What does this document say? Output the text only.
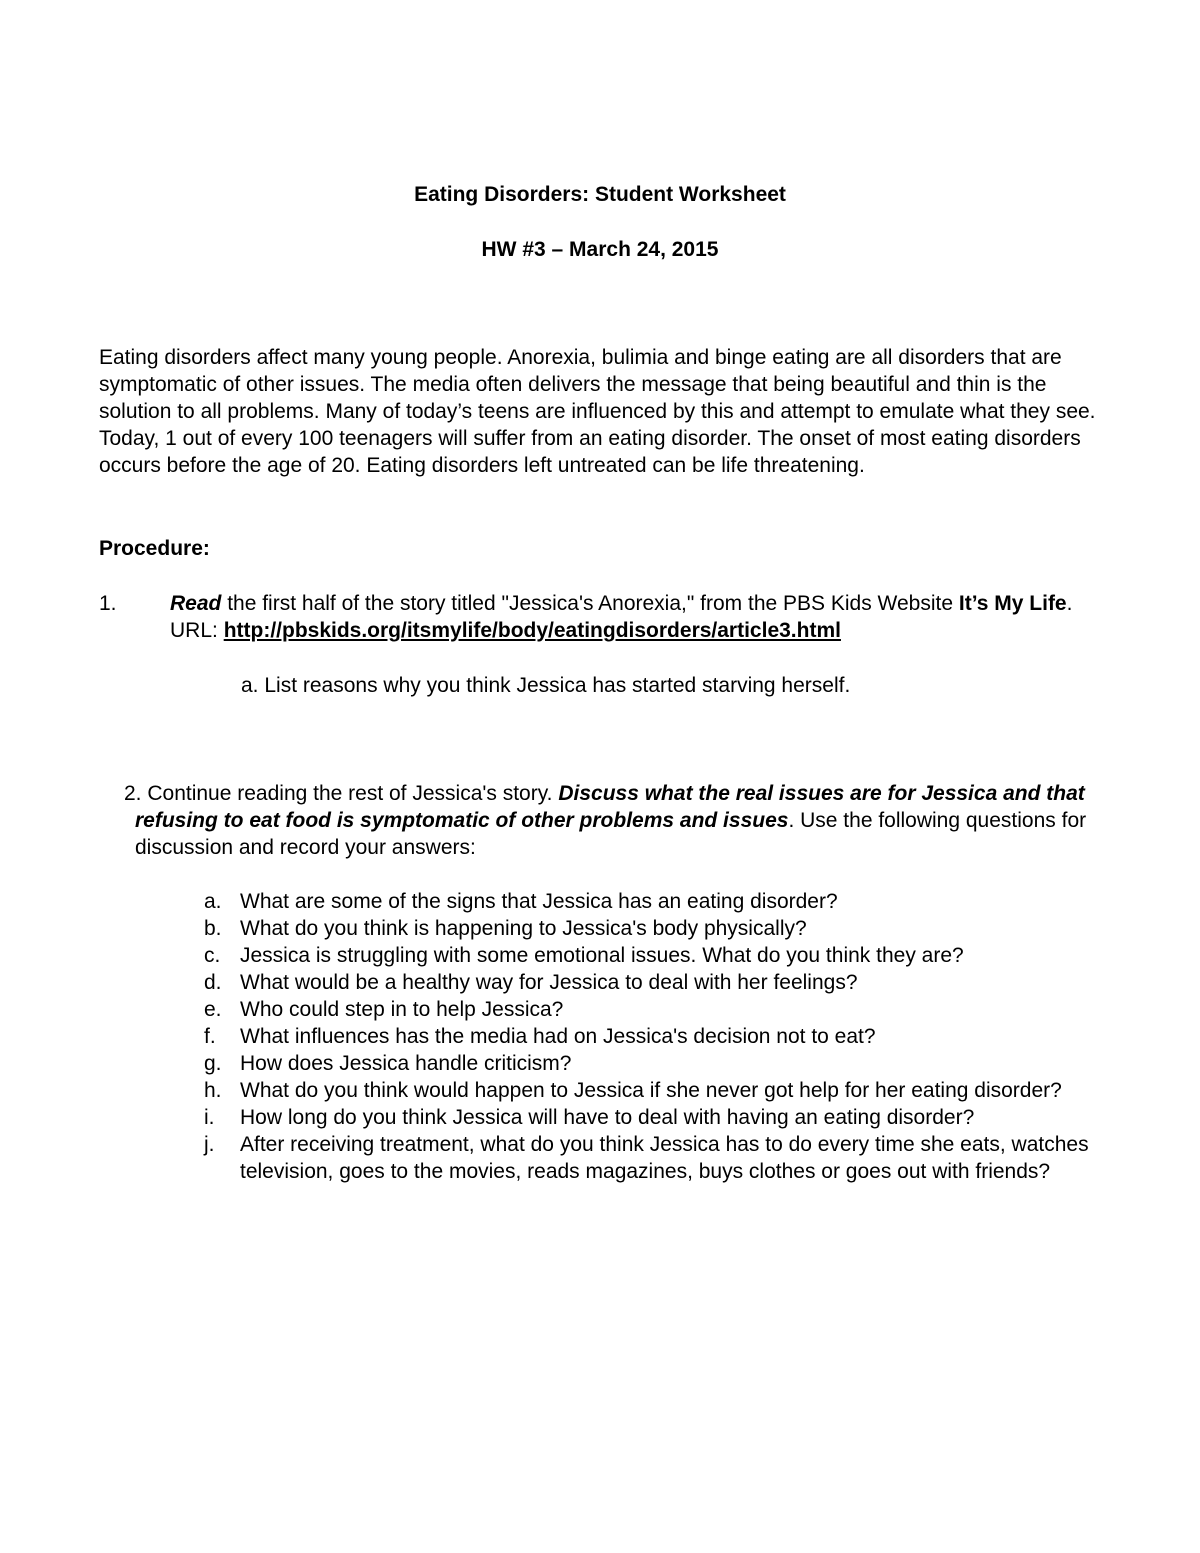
Eating Disorders: Student Worksheet
HW #3 – March 24, 2015
Eating disorders affect many young people. Anorexia, bulimia and binge eating are all disorders that are symptomatic of other issues. The media often delivers the message that being beautiful and thin is the solution to all problems. Many of today’s teens are influenced by this and attempt to emulate what they see. Today, 1 out of every 100 teenagers will suffer from an eating disorder. The onset of most eating disorders occurs before the age of 20. Eating disorders left untreated can be life threatening.
Procedure:
1.	Read the first half of the story titled "Jessica's Anorexia," from the PBS Kids Website It’s My Life. URL: http://pbskids.org/itsmylife/body/eatingdisorders/article3.html
a. List reasons why you think Jessica has started starving herself.
2. Continue reading the rest of Jessica's story. Discuss what the real issues are for Jessica and that refusing to eat food is symptomatic of other problems and issues. Use the following questions for discussion and record your answers:
a. What are some of the signs that Jessica has an eating disorder?
b. What do you think is happening to Jessica's body physically?
c. Jessica is struggling with some emotional issues. What do you think they are?
d. What would be a healthy way for Jessica to deal with her feelings?
e. Who could step in to help Jessica?
f. What influences has the media had on Jessica's decision not to eat?
g. How does Jessica handle criticism?
h. What do you think would happen to Jessica if she never got help for her eating disorder?
i. How long do you think Jessica will have to deal with having an eating disorder?
j. After receiving treatment, what do you think Jessica has to do every time she eats, watches television, goes to the movies, reads magazines, buys clothes or goes out with friends?
